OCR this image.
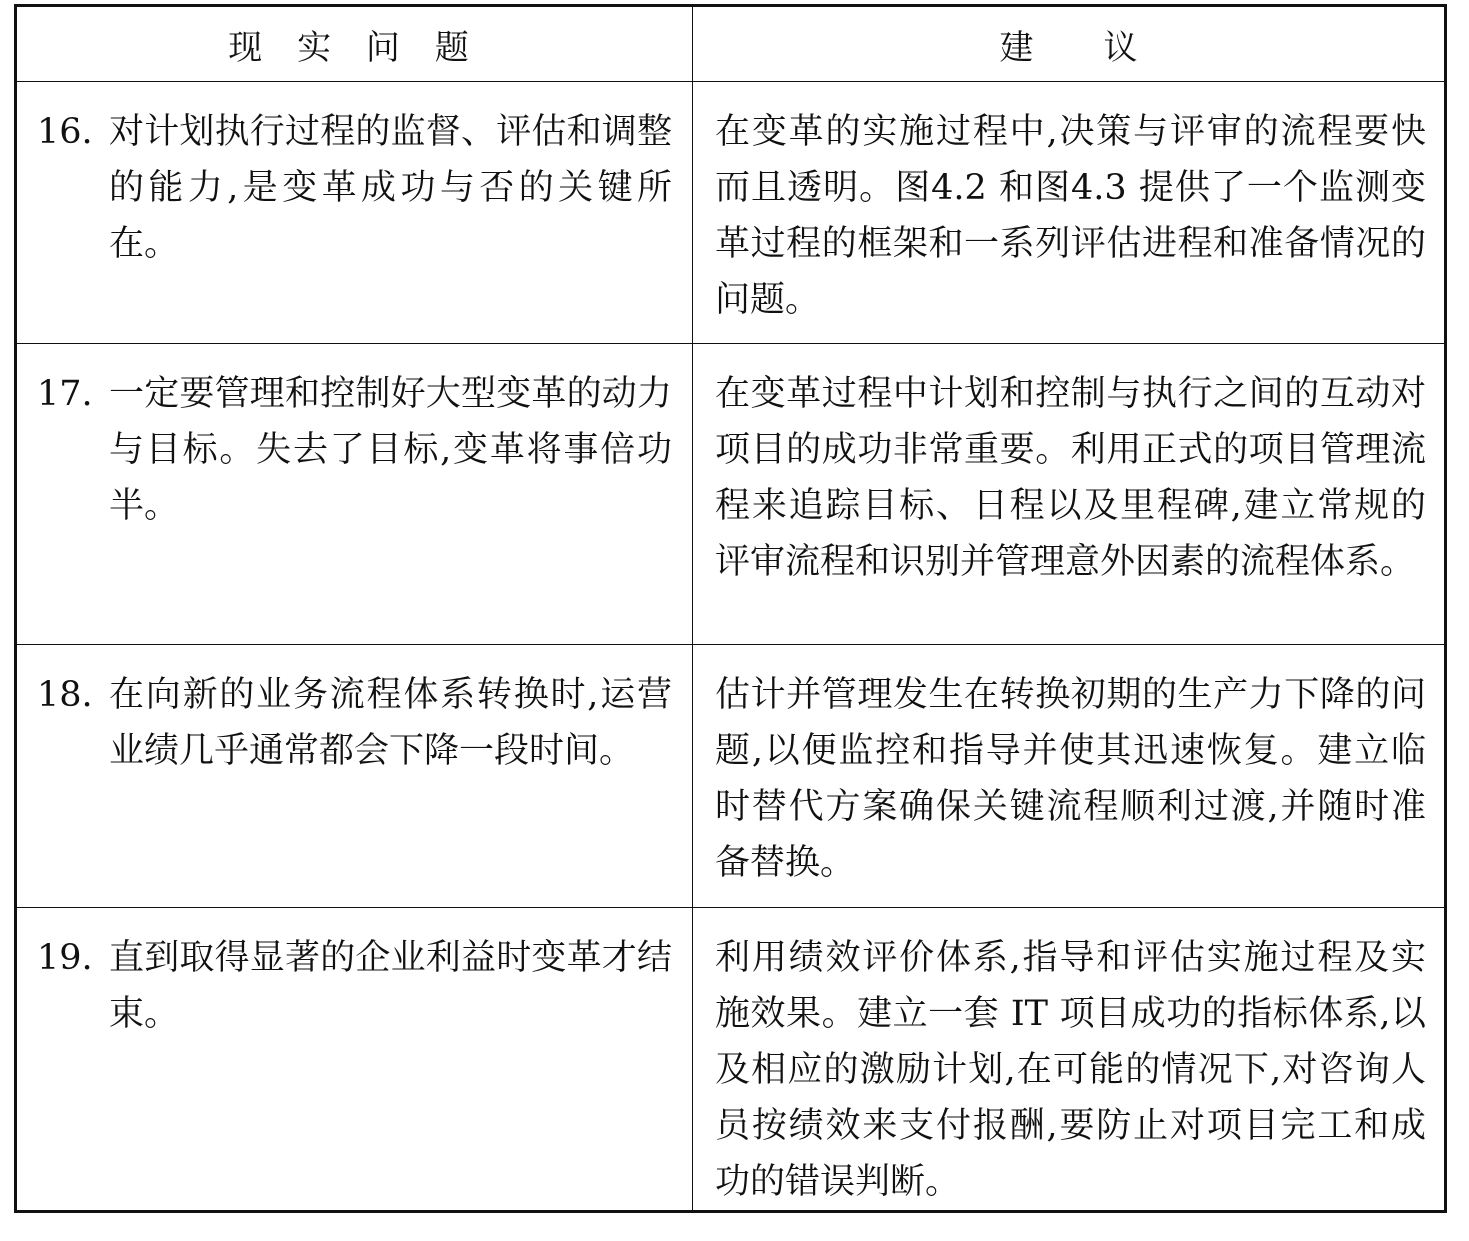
现 实 问 题	建 议

16. 对计划执行过程的监督、评估和调整的能力,是变革成功与否的关键所在。	在变革的实施过程中,决策与评审的流程要快而且透明。图4.2 和图4.3 提供了一个监测变革过程的框架和一系列评估进程和准备情况的问题。

17. 一定要管理和控制好大型变革的动力与目标。失去了目标,变革将事倍功半。	在变革过程中计划和控制与执行之间的互动对项目的成功非常重要。利用正式的项目管理流程来追踪目标、日程以及里程碑,建立常规的评审流程和识别并管理意外因素的流程体系。

18. 在向新的业务流程体系转换时,运营业绩几乎通常都会下降一段时间。	估计并管理发生在转换初期的生产力下降的问题,以便监控和指导并使其迅速恢复。建立临时替代方案确保关键流程顺利过渡,并随时准备替换。

19. 直到取得显著的企业利益时变革才结束。	利用绩效评价体系,指导和评估实施过程及实施效果。建立一套 IT 项目成功的指标体系,以及相应的激励计划,在可能的情况下,对咨询人员按绩效来支付报酬,要防止对项目完工和成功的错误判断。
